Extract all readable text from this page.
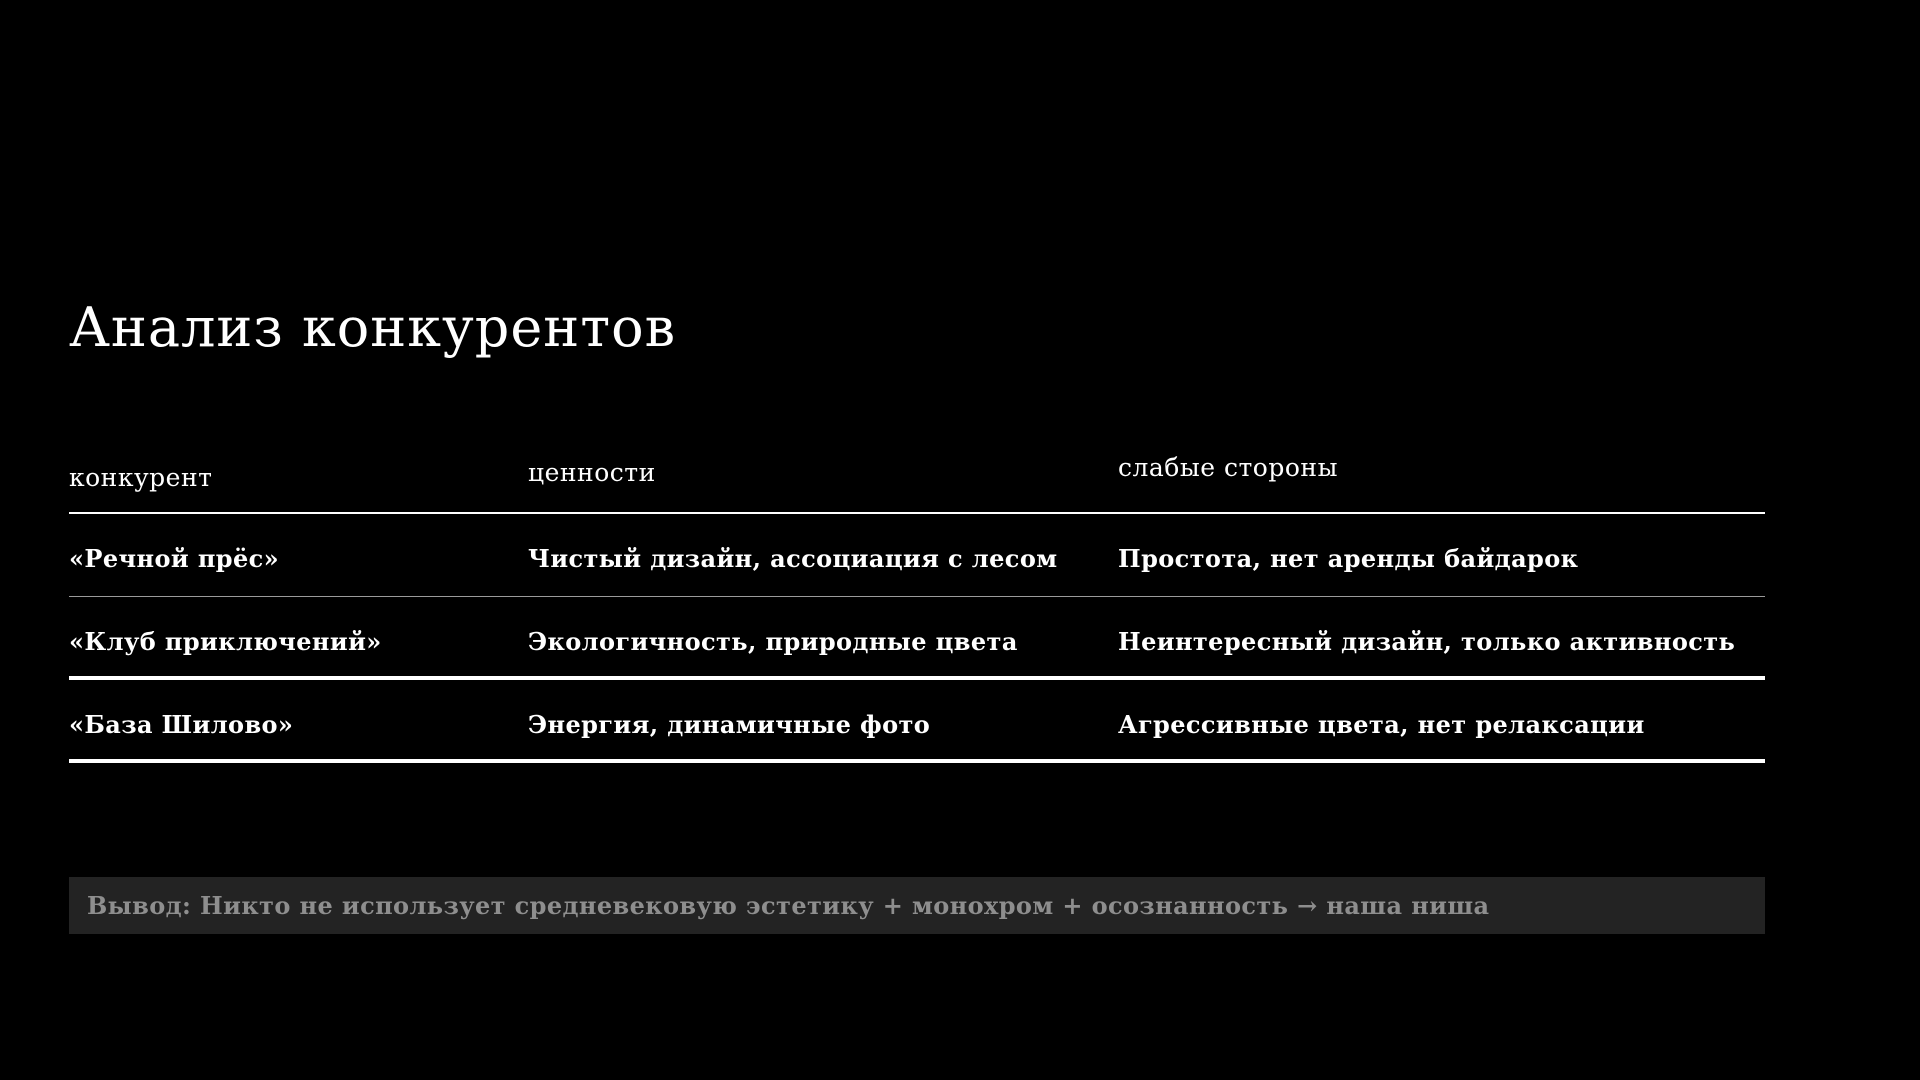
Анализ конкурентов
конкурент	ценности	слабые стороны
«Речной прёс»	Чистый дизайн, ассоциация с лесом	Простота, нет аренды байдарок
«Клуб приключений»	Экологичность, природные цвета	Неинтересный дизайн, только активность
«База Шилово»	Энергия, динамичные фото	Агрессивные цвета, нет релаксации
Вывод: Никто не использует средневековую эстетику + монохром + осознанность → наша ниша
